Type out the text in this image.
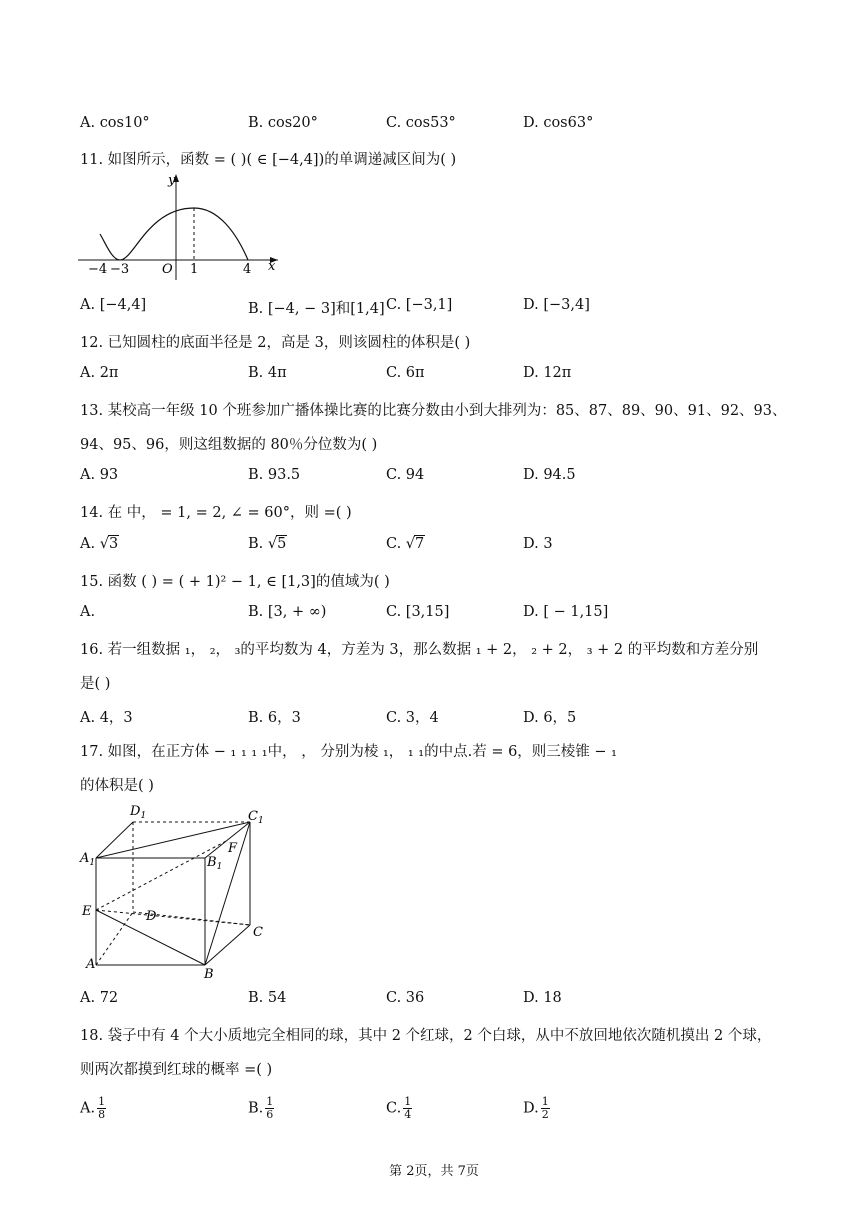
A. cos10°	B. cos20°	C. cos53°	D. cos63°
11. 如图所示，函数 = ( )( ∈ [−4,4])的单调递减区间为( )
y
x
O
−4 −3	1	4
A. [−4,4]	B. [−4, − 3]和[1,4] C. [−3,1]	D. [−3,4]
12. 已知圆柱的底面半径是 2，高是 3，则该圆柱的体积是( )
A. 2π	B. 4π	C. 6π	D. 12π
13. 某校高一年级 10 个班参加广播体操比赛的比赛分数由小到大排列为：85、87、89、90、91、92、93、
94、95、96，则这组数据的 80％分位数为( )
A. 93	B. 93.5	C. 94	D. 94.5
14. 在 中， = 1, = 2, ∠ = 60°，则 =( )
A. √3	B. √5	C. √7	D. 3
15. 函数 ( ) = ( + 1)² − 1, ∈ [1,3]的值域为( )
A.	B. [3, + ∞)	C. [3,15]	D. [ − 1,15]
16. 若一组数据 ₁， ₂， ₃的平均数为 4，方差为 3，那么数据 ₁ + 2， ₂ + 2， ₃ + 2 的平均数和方差分别
是( )
A. 4，3	B. 6，3	C. 3，4	D. 6，5
17. 如图，在正方体 − ₁ ₁ ₁ ₁中， ， 分别为棱 ₁， ₁ ₁的中点.若 = 6，则三棱锥 − ₁
的体积是( )
$D_1$	$C_1$
$A_1$	$B_1$
F
E	D
C
A
B
A. 72	B. 54	C. 36	D. 18
18. 袋子中有 4 个大小质地完全相同的球，其中 2 个红球，2 个白球，从中不放回地依次随机摸出 2 个球，
则两次都摸到红球的概率 =( )
A. $\frac{1}{8}$	B. $\frac{1}{6}$	C. $\frac{1}{4}$	D. $\frac{1}{2}$
第 2页，共 7页
